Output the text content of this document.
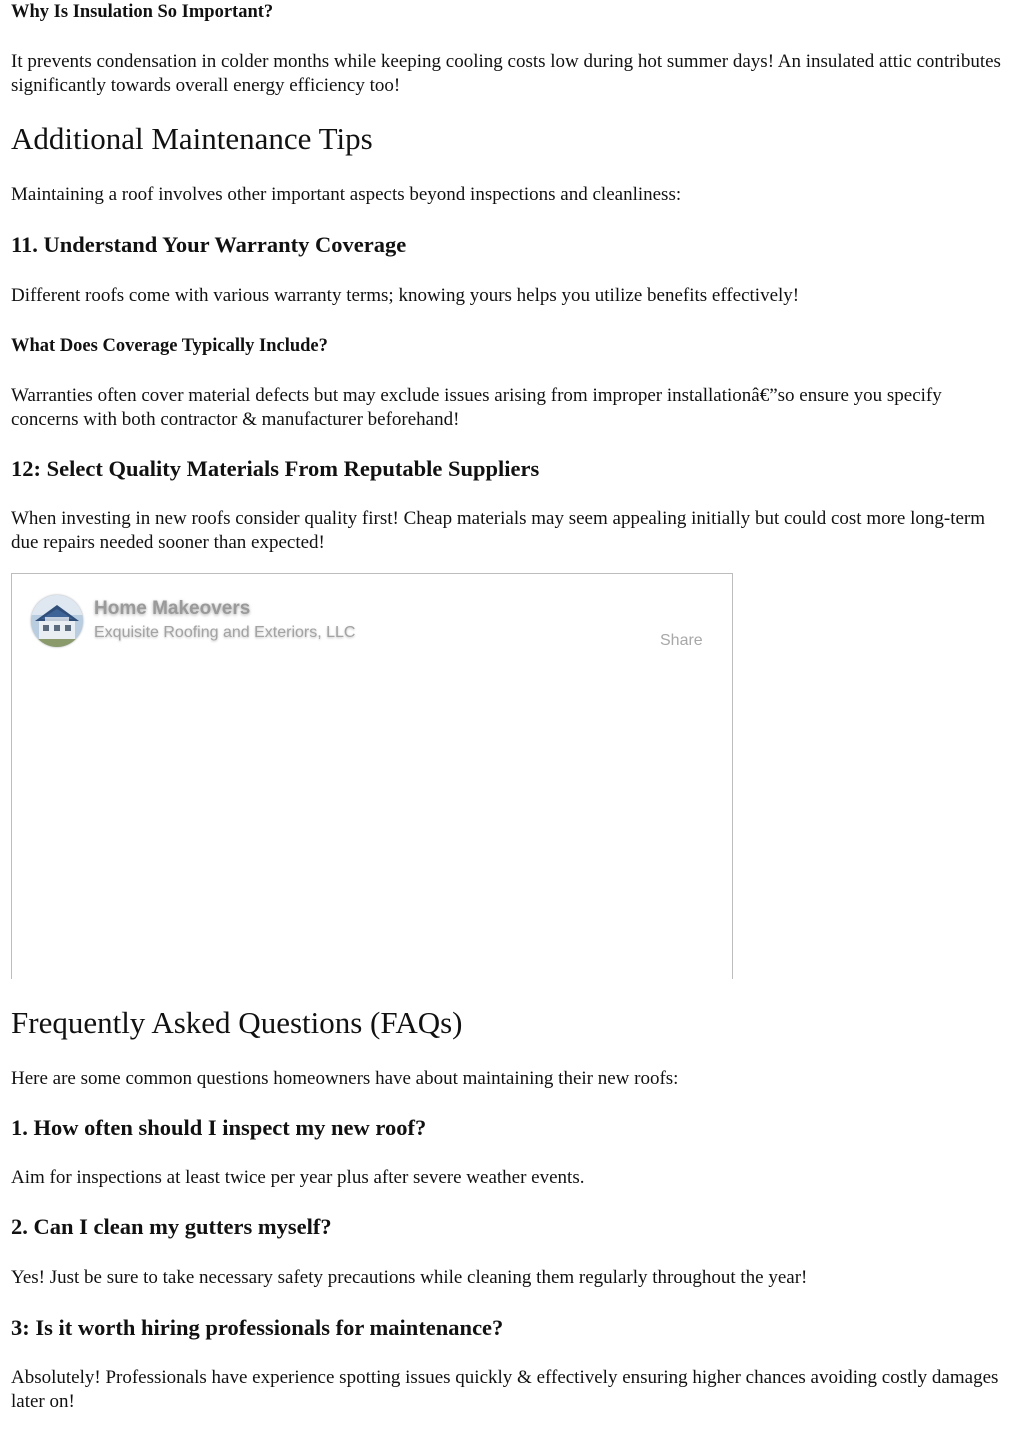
Why Is Insulation So Important?

It prevents condensation in colder months while keeping cooling costs low during hot summer days! An insulated attic contributes significantly towards overall energy efficiency too!

Additional Maintenance Tips

Maintaining a roof involves other important aspects beyond inspections and cleanliness:

11. Understand Your Warranty Coverage

Different roofs come with various warranty terms; knowing yours helps you utilize benefits effectively!

What Does Coverage Typically Include?

Warranties often cover material defects but may exclude issues arising from improper installationâ€”so ensure you specify concerns with both contractor & manufacturer beforehand!

12: Select Quality Materials From Reputable Suppliers

When investing in new roofs consider quality first! Cheap materials may seem appealing initially but could cost more long-term due repairs needed sooner than expected!

Home Makeovers
Exquisite Roofing and Exteriors, LLC	Share
Frequently Asked Questions (FAQs)

Here are some common questions homeowners have about maintaining their new roofs:

1. How often should I inspect my new roof?

Aim for inspections at least twice per year plus after severe weather events.

2. Can I clean my gutters myself?

Yes! Just be sure to take necessary safety precautions while cleaning them regularly throughout the year!

3: Is it worth hiring professionals for maintenance?

Absolutely! Professionals have experience spotting issues quickly & effectively ensuring higher chances avoiding costly damages later on!
